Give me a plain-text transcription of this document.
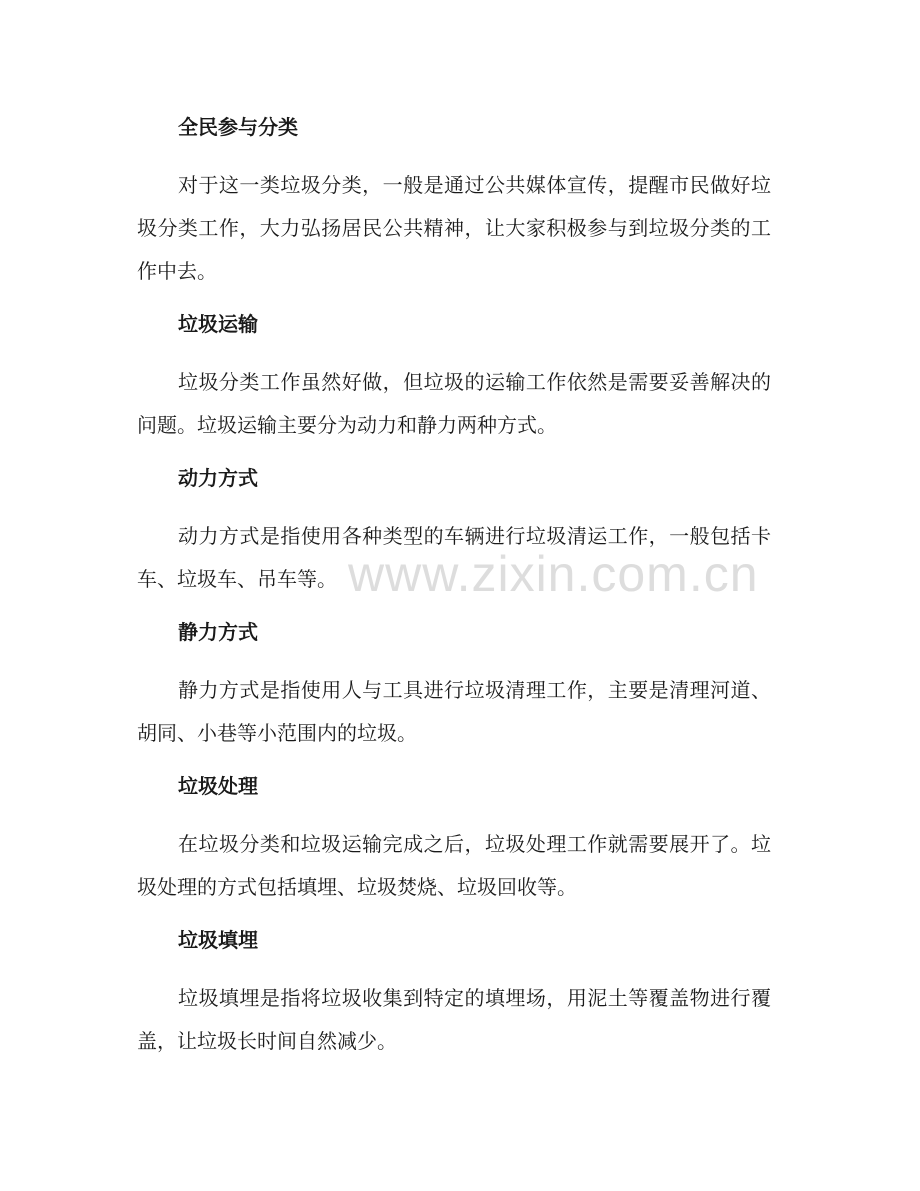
全民参与分类

对于这一类垃圾分类，一般是通过公共媒体宣传，提醒市民做好垃圾分类工作，大力弘扬居民公共精神，让大家积极参与到垃圾分类的工作中去。

垃圾运输

垃圾分类工作虽然好做，但垃圾的运输工作依然是需要妥善解决的问题。垃圾运输主要分为动力和静力两种方式。

动力方式

动力方式是指使用各种类型的车辆进行垃圾清运工作，一般包括卡车、垃圾车、吊车等。

静力方式

静力方式是指使用人与工具进行垃圾清理工作，主要是清理河道、胡同、小巷等小范围内的垃圾。

垃圾处理

在垃圾分类和垃圾运输完成之后，垃圾处理工作就需要展开了。垃圾处理的方式包括填埋、垃圾焚烧、垃圾回收等。

垃圾填埋

垃圾填埋是指将垃圾收集到特定的填埋场，用泥土等覆盖物进行覆盖，让垃圾长时间自然减少。

www.zixin.com.cn
